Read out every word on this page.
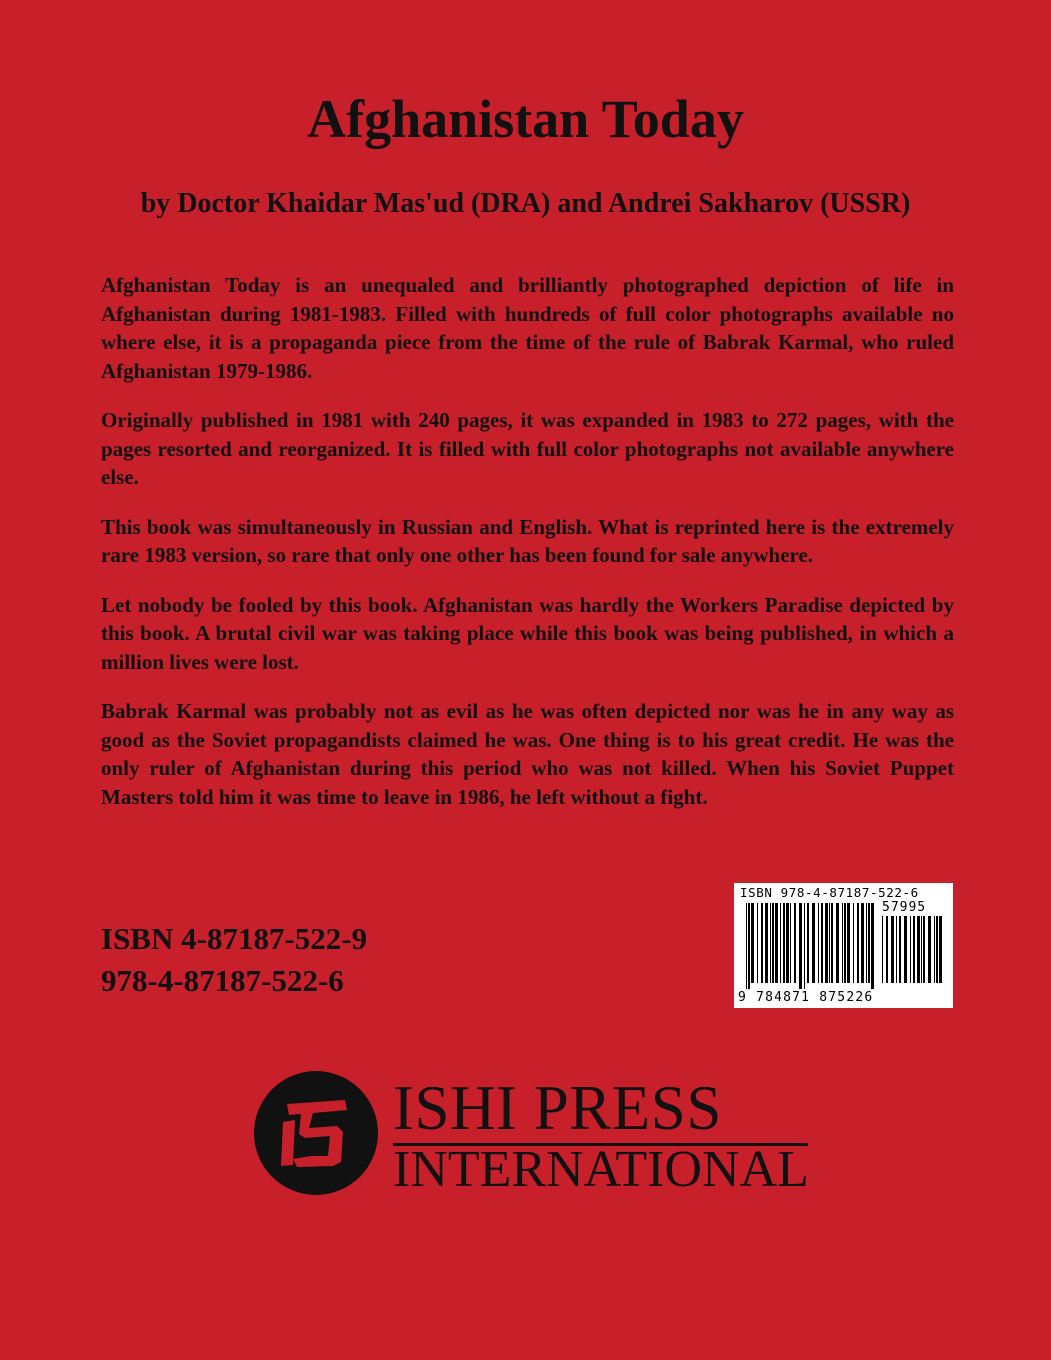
Afghanistan Today
by Doctor Khaidar Mas'ud (DRA) and Andrei Sakharov (USSR)

Afghanistan Today is an unequaled and brilliantly photographed depiction of life in Afghanistan during 1981-1983. Filled with hundreds of full color photographs available no where else, it is a propaganda piece from the time of the rule of Babrak Karmal, who ruled Afghanistan 1979-1986.

Originally published in 1981 with 240 pages, it was expanded in 1983 to 272 pages, with the pages resorted and reorganized. It is filled with full color photographs not available anywhere else.

This book was simultaneously in Russian and English. What is reprinted here is the extremely rare 1983 version, so rare that only one other has been found for sale anywhere.

Let nobody be fooled by this book. Afghanistan was hardly the Workers Paradise depicted by this book. A brutal civil war was taking place while this book was being published, in which a million lives were lost.

Babrak Karmal was probably not as evil as he was often depicted nor was he in any way as good as the Soviet propagandists claimed he was. One thing is to his great credit. He was the only ruler of Afghanistan during this period who was not killed. When his Soviet Puppet Masters told him it was time to leave in 1986, he left without a fight.

ISBN 4-87187-522-9
978-4-87187-522-6
ISBN 978-4-87187-522-6
57995
9 784871 875226
ISHI PRESS
INTERNATIONAL
